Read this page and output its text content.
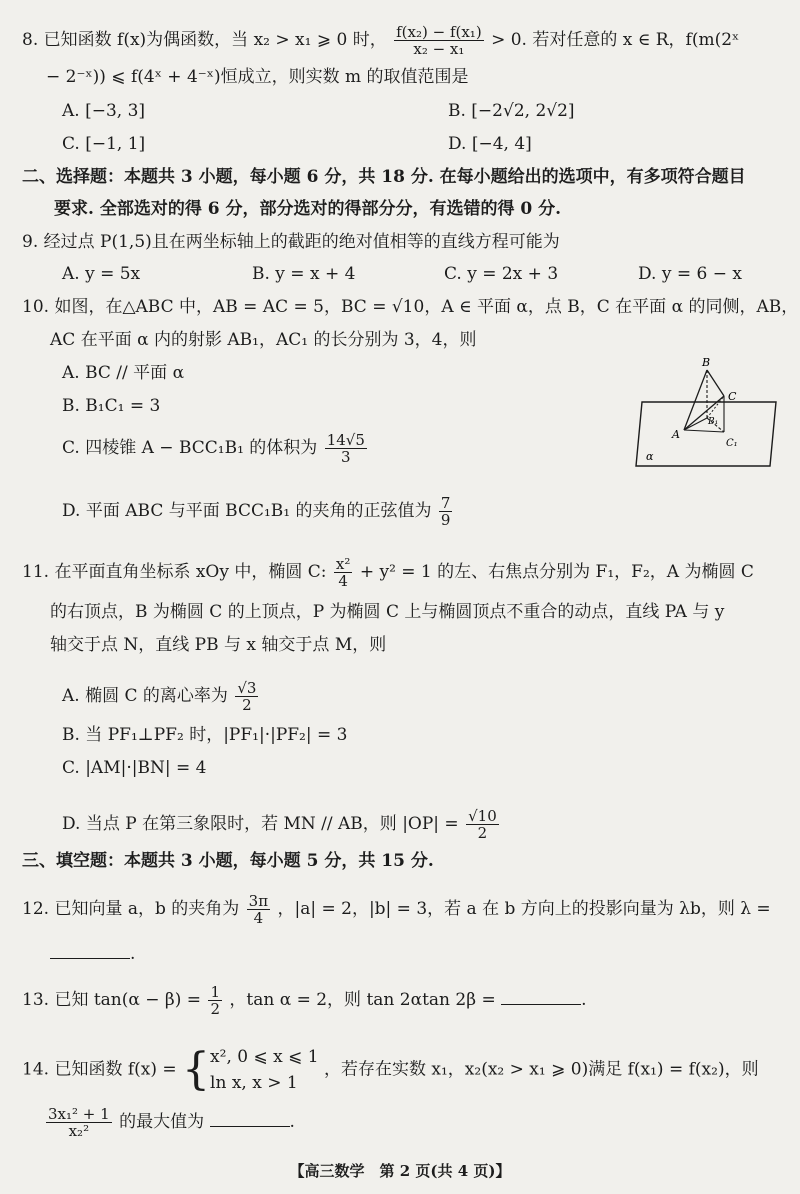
8. 已知函数 f(x)为偶函数，当 x₂ > x₁ ⩾ 0 时， $\frac{\text{f(x₂) − f(x₁)}}{\text{x₂ − x₁}} > 0$. 若对任意的 x ∈ R，f(m(2ˣ
− 2⁻ˣ)) ⩽ f(4ˣ + 4⁻ˣ)恒成立，则实数 m 的取值范围是
A. [−3, 3]	B. [−2√2, 2√2]
C. [−1, 1]	D. [−4, 4]
二、选择题：本题共 3 小题，每小题 6 分，共 18 分. 在每小题给出的选项中，有多项符合题目
要求. 全部选对的得 6 分，部分选对的得部分分，有选错的得 0 分.
9. 经过点 P(1,5)且在两坐标轴上的截距的绝对值相等的直线方程可能为
A. y = 5x	B. y = x + 4	C. y = 2x + 3	D. y = 6 − x
10. 如图，在△ABC 中，AB = AC = 5，BC = √10，A ∈ 平面 α，点 B，C 在平面 α 的同侧，AB，
AC 在平面 α 内的射影 AB₁，AC₁ 的长分别为 3，4，则
A. BC // 平面 α
B. B₁C₁ = 3
C. 四棱锥 A − BCC₁B₁ 的体积为 $\frac{14√5}{3}$
D. 平面 ABC 与平面 BCC₁B₁ 的夹角的正弦值为 $\frac{7}{9}$
B
C
A
B₁
C₁
α
11. 在平面直角坐标系 xOy 中，椭圆 C: $\frac{\text{x²}}{4} + y^2 = 1$ 的左、右焦点分别为 F₁，F₂，A 为椭圆 C
的右顶点，B 为椭圆 C 的上顶点，P 为椭圆 C 上与椭圆顶点不重合的动点，直线 PA 与 y
轴交于点 N，直线 PB 与 x 轴交于点 M，则
A. 椭圆 C 的离心率为 $\frac{√3}{2}$
B. 当 PF₁⊥PF₂ 时，|PF₁|·|PF₂| = 3
C. |AM|·|BN| = 4
D. 当点 P 在第三象限时，若 MN // AB，则 $|OP| = \frac{√10}{2}$
三、填空题：本题共 3 小题，每小题 5 分，共 15 分.
12. 已知向量 a，b 的夹角为 $\frac{3\pi}{4}$ ，|a| = 2，|b| = 3，若 a 在 b 方向上的投影向量为 λb，则 λ =
.
13. 已知 $\tan(\alpha - \beta) = \frac{1}{2}$ ，tan α = 2，则 tan 2αtan 2β =	.
14. 已知函数 f(x) = { x², 0 ⩽ x ⩽ 1
ln x, x > 1
，若存在实数 x₁，x₂(x₂ > x₁ ⩾ 0)满足 f(x₁) = f(x₂)，则
$\frac{\text{3x₁² + 1}}{\text{x₂²}}$ 的最大值为	.
【高三数学　第 2 页(共 4 页)】
